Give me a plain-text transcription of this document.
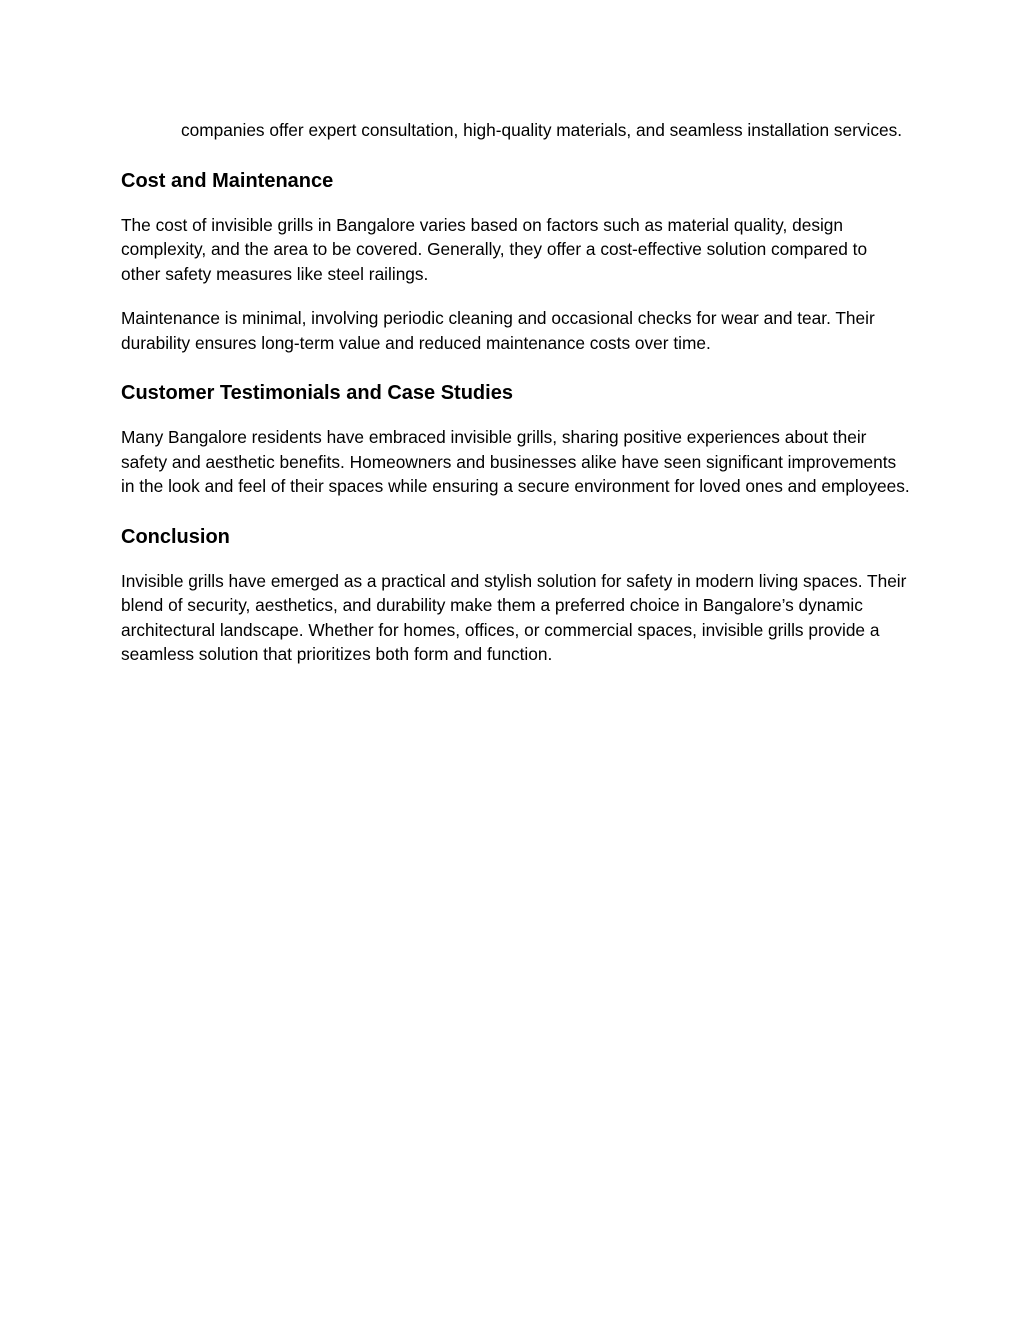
companies offer expert consultation, high-quality materials, and seamless installation services.

Cost and Maintenance

The cost of invisible grills in Bangalore varies based on factors such as material quality, design complexity, and the area to be covered. Generally, they offer a cost-effective solution compared to other safety measures like steel railings.

Maintenance is minimal, involving periodic cleaning and occasional checks for wear and tear. Their durability ensures long-term value and reduced maintenance costs over time.

Customer Testimonials and Case Studies

Many Bangalore residents have embraced invisible grills, sharing positive experiences about their safety and aesthetic benefits. Homeowners and businesses alike have seen significant improvements in the look and feel of their spaces while ensuring a secure environment for loved ones and employees.

Conclusion

Invisible grills have emerged as a practical and stylish solution for safety in modern living spaces. Their blend of security, aesthetics, and durability make them a preferred choice in Bangalore’s dynamic architectural landscape. Whether for homes, offices, or commercial spaces, invisible grills provide a seamless solution that prioritizes both form and function.
